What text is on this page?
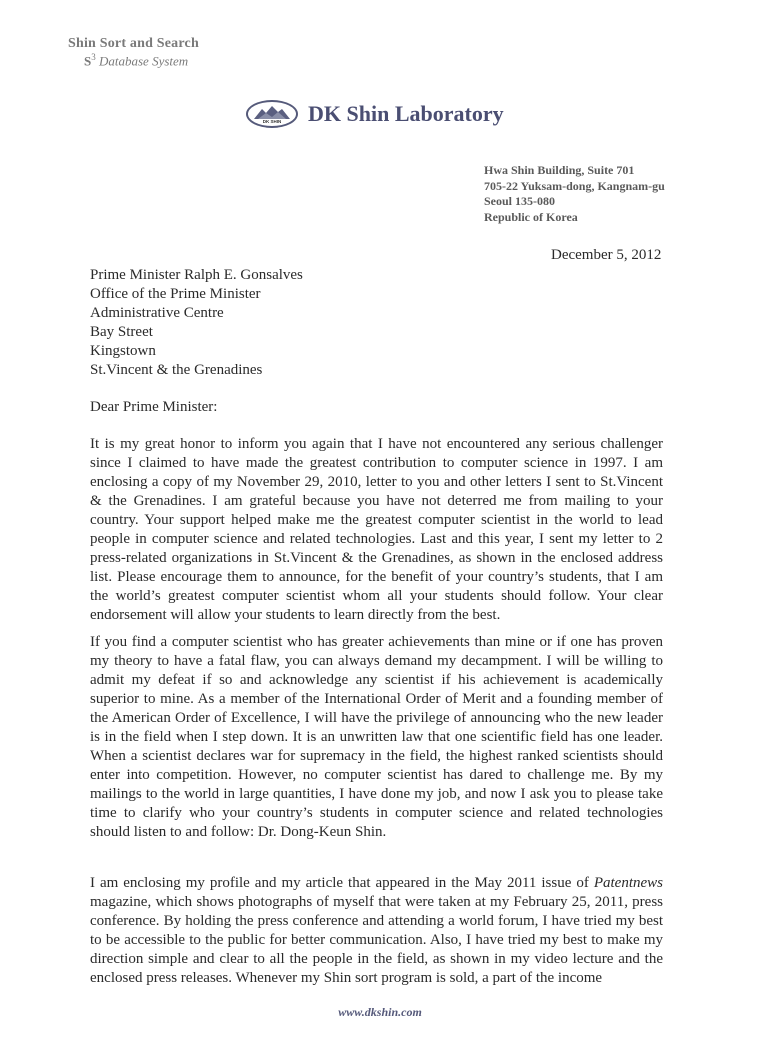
Shin Sort and Search
$S^3$ Database System
DK SHIN	DK Shin Laboratory
Hwa Shin Building, Suite 701
705-22 Yuksam-dong, Kangnam-gu
Seoul 135-080
Republic of Korea
December 5, 2012
Prime Minister Ralph E. Gonsalves
Office of the Prime Minister
Administrative Centre
Bay Street
Kingstown
St.Vincent & the Grenadines
Dear Prime Minister:
It is my great honor to inform you again that I have not encountered any serious challenger since I claimed to have made the greatest contribution to computer science in 1997. I am enclosing a copy of my November 29, 2010, letter to you and other letters I sent to St.Vincent & the Grenadines. I am grateful because you have not deterred me from mailing to your country. Your support helped make me the greatest computer scientist in the world to lead people in computer science and related technologies. Last and this year, I sent my letter to 2 press-related organizations in St.Vincent & the Grenadines, as shown in the enclosed address list. Please encourage them to announce, for the benefit of your country’s students, that I am the world’s greatest computer scientist whom all your students should follow. Your clear endorsement will allow your students to learn directly from the best.
If you find a computer scientist who has greater achievements than mine or if one has proven my theory to have a fatal flaw, you can always demand my decampment. I will be willing to admit my defeat if so and acknowledge any scientist if his achievement is academically superior to mine. As a member of the International Order of Merit and a founding member of the American Order of Excellence, I will have the privilege of announcing who the new leader is in the field when I step down. It is an unwritten law that one scientific field has one leader. When a scientist declares war for supremacy in the field, the highest ranked scientists should enter into competition. However, no computer scientist has dared to challenge me. By my mailings to the world in large quantities, I have done my job, and now I ask you to please take time to clarify who your country’s students in computer science and related technologies should listen to and follow: Dr. Dong-Keun Shin.
I am enclosing my profile and my article that appeared in the May 2011 issue of Patentnews magazine, which shows photographs of myself that were taken at my February 25, 2011, press conference. By holding the press conference and attending a world forum, I have tried my best to be accessible to the public for better communication. Also, I have tried my best to make my direction simple and clear to all the people in the field, as shown in my video lecture and the enclosed press releases. Whenever my Shin sort program is sold, a part of the income
www.dkshin.com
